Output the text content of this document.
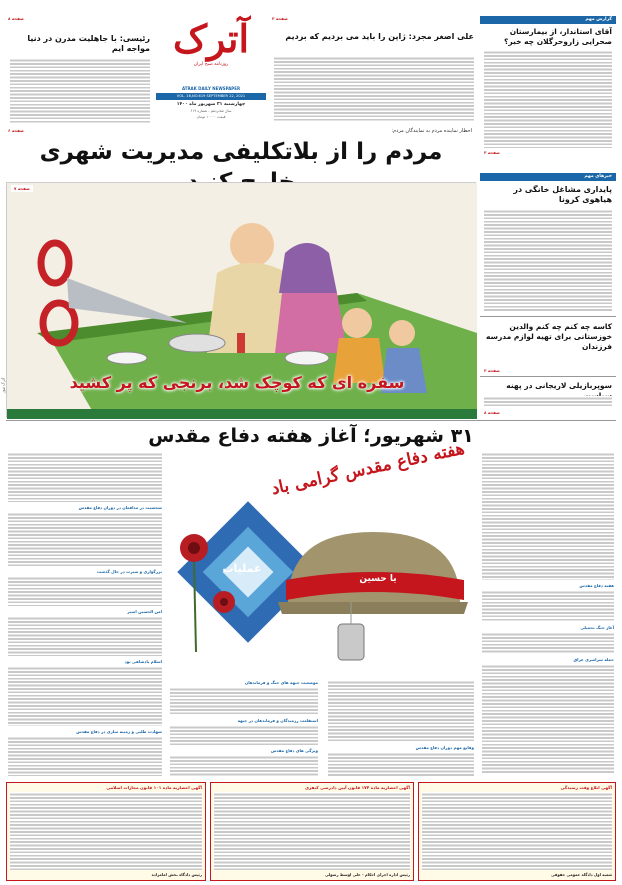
گزارش مهم
آقای استاندار، از بیمارستان صحرایی زاروحرگلان چه خبر؟
صفحه ۳
خبرهای مهم
پایداری مشاغل خانگی در هیاهوی کرونا
کاسه چه کنم چه کنم والدین خوزستانی برای تهیه لوازم مدرسه فرزندان
صفحه ۳
سوپربازیلی لاریجانی در پهنه
صفحه ۸
صفحه ۸
رئیسی: با جاهلیت مدرن در دنیا مواجه ایم آترک
روزنامه صبح ایران
ATRAK DAILY NEWSPAPER
VOL. 16,NO.619 SEPTEMBER 22, 2021
چهارشنبه ۳۱ شهریور ماه ۱۴۰۰
سال شانزدهم - شماره ۶۱۹
قیمت ۱۰۰۰۰ تومان
صفحه ۳
علی اصغر مجرد: ژاپن را باید می بردیم که بردیم
اخطار نماینده مردم به نمایندگان مردم:
صفحه ۶
مردم را از بلاتکلیفی مدیریت شهری
صفحه ۷
آترک نیوز	سفره ای که کوچک شد، برنجی که پر کشید
۳۱ شهریور؛ آغاز هفته دفاع مقدس
هفته دفاع مقدس
آغاز جنگ تحمیلی
حمله سراسری عراق
هفته دفاع مقدس گرامی باد
یا حسین
عملیات
وقایع مهم دوران دفاع مقدس
موضعیت جبهه های جنگ و فرماندهان
استقامت رزمندگان و فرماندهان در جبهه
ویژگی های دفاع مقدس
شخصیت در مدافعان در دوران دفاع مقدس
بزرگواری و سیرت در حال گذشت
امن الحسین اسیر
اسلام پادشاهی بود
شهادت طلبی و زمینه سازی در دفاع مقدس
آگهی احضاریه ماده ۱۰۱ قانون مجازات اسلامی
رئیس دادگاه بخش امامزاده
آگهی احضاریه ماده ۱۷۴ قانون آیین دادرسی کیفری
رئیس اداره اجرای احکام - علی اوسط رسولی
آگهی ابلاغ وقت رسیدگی
شعبه اول دادگاه عمومی حقوقی
